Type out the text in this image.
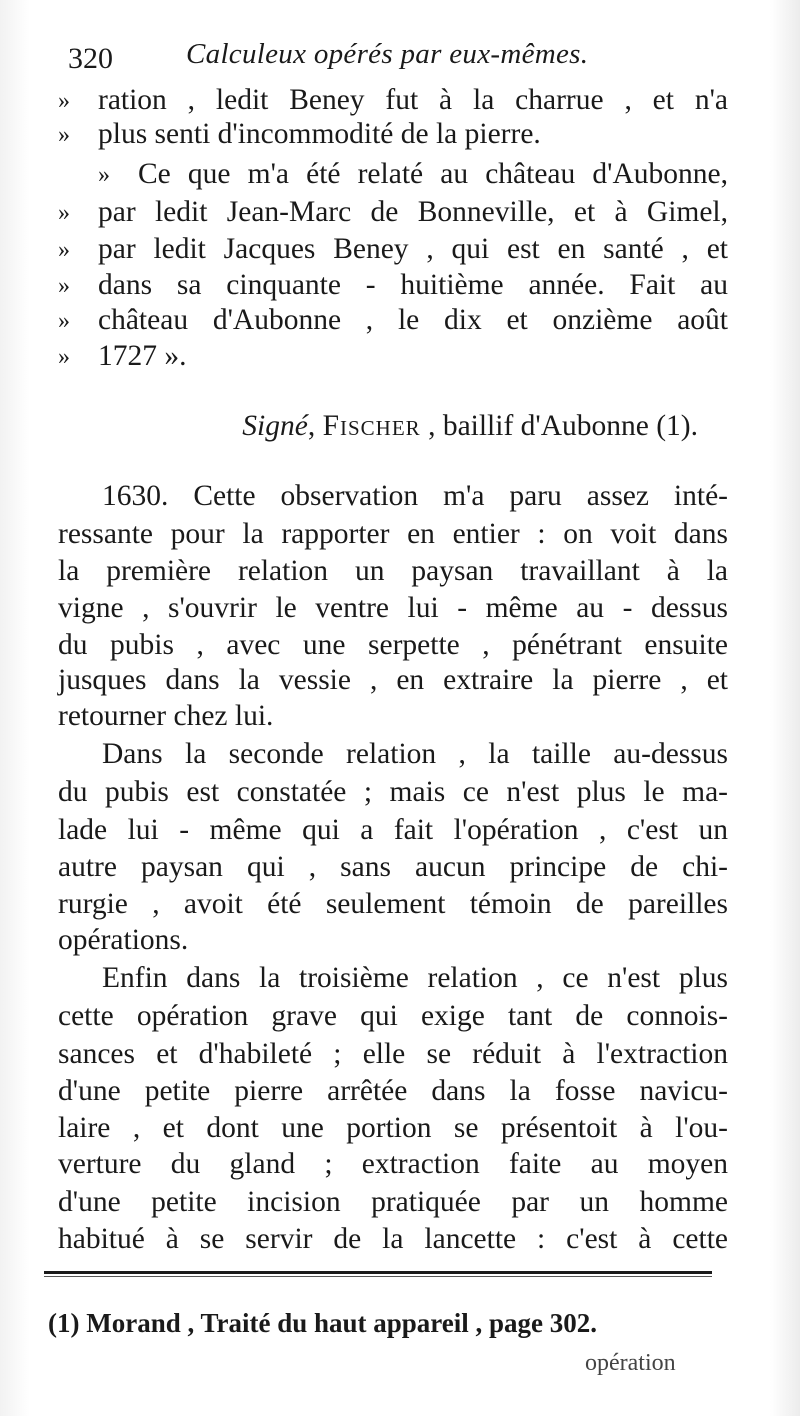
320	Calculeux opérés par eux-mêmes.
» ration , ledit Beney fut à la charrue , et n'a
» plus senti d'incommodité de la pierre.
» Ce que m'a été relaté au château d'Aubonne,
» par ledit Jean-Marc de Bonneville, et à Gimel,
» par ledit Jacques Beney , qui est en santé , et
» dans sa cinquante - huitième année. Fait au
» château d'Aubonne , le dix et onzième août
» 1727 ».
Signé, Fischer , baillif d'Aubonne (1).
1630. Cette observation m'a paru assez inté-
ressante pour la rapporter en entier : on voit dans
la première relation un paysan travaillant à la
vigne , s'ouvrir le ventre lui - même au - dessus
du pubis , avec une serpette , pénétrant ensuite
jusques dans la vessie , en extraire la pierre , et
retourner chez lui.
Dans la seconde relation , la taille au-dessus
du pubis est constatée ; mais ce n'est plus le ma-
lade lui - même qui a fait l'opération , c'est un
autre paysan qui , sans aucun principe de chi-
rurgie , avoit été seulement témoin de pareilles
opérations.
Enfin dans la troisième relation , ce n'est plus
cette opération grave qui exige tant de connois-
sances et d'habileté ; elle se réduit à l'extraction
d'une petite pierre arrêtée dans la fosse navicu-
laire , et dont une portion se présentoit à l'ou-
verture du gland ; extraction faite au moyen
d'une petite incision pratiquée par un homme
habitué à se servir de la lancette : c'est à cette
(1) Morand , Traité du haut appareil , page 302.
opération
